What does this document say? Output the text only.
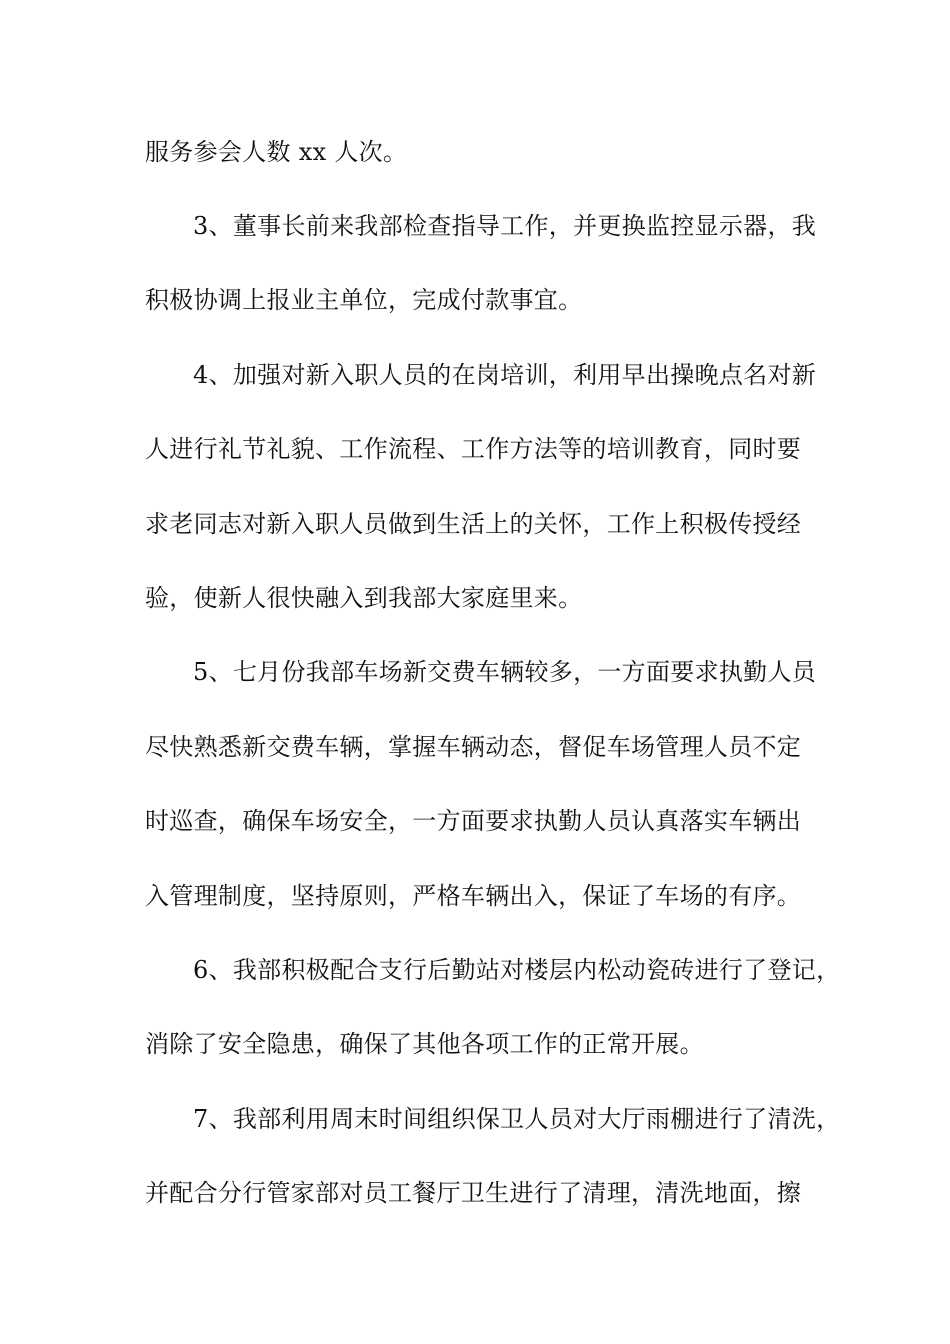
服务参会人数 xx 人次。
3、董事长前来我部检查指导工作，并更换监控显示器，我
积极协调上报业主单位，完成付款事宜。
4、加强对新入职人员的在岗培训，利用早出操晚点名对新
人进行礼节礼貌、工作流程、工作方法等的培训教育，同时要
求老同志对新入职人员做到生活上的关怀，工作上积极传授经
验，使新人很快融入到我部大家庭里来。
5、七月份我部车场新交费车辆较多，一方面要求执勤人员
尽快熟悉新交费车辆，掌握车辆动态，督促车场管理人员不定
时巡查，确保车场安全，一方面要求执勤人员认真落实车辆出
入管理制度，坚持原则，严格车辆出入，保证了车场的有序。
6、我部积极配合支行后勤站对楼层内松动瓷砖进行了登记，
消除了安全隐患，确保了其他各项工作的正常开展。
7、我部利用周末时间组织保卫人员对大厅雨棚进行了清洗，
并配合分行管家部对员工餐厅卫生进行了清理，清洗地面，擦
